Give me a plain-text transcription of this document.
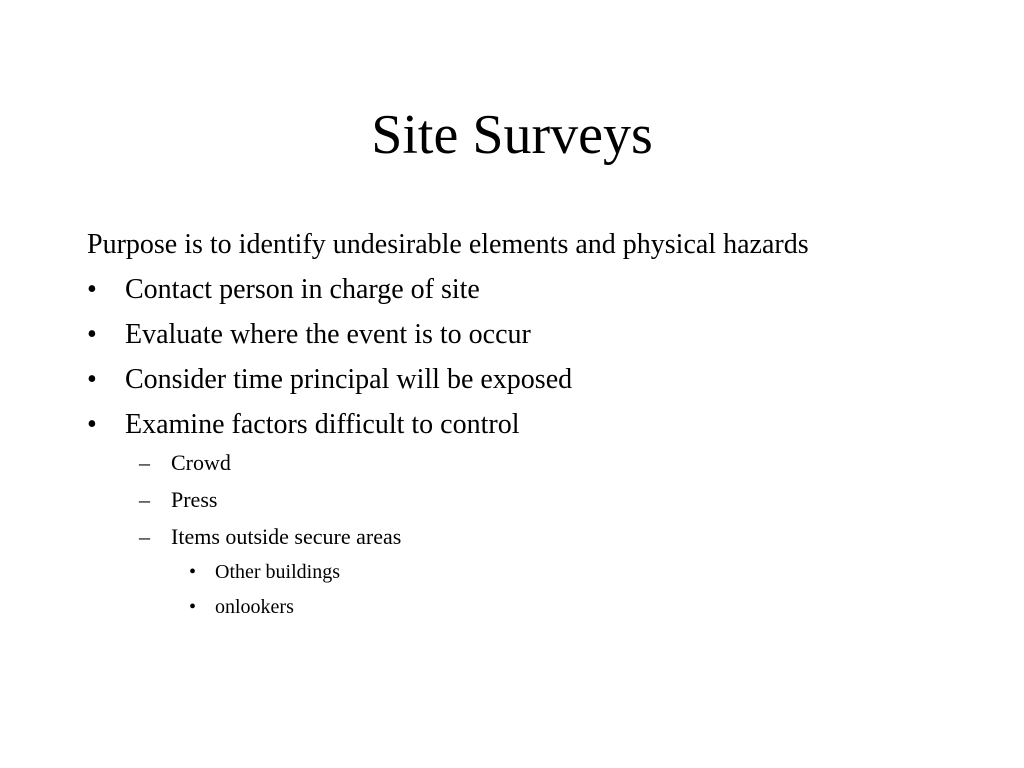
Site Surveys

Purpose is to identify undesirable elements and physical hazards

•	Contact person in charge of site
•	Evaluate where the event is to occur
•	Consider time principal will be exposed
•	Examine factors difficult to control
– Crowd
– Press
– Items outside secure areas
• Other buildings
• onlookers
